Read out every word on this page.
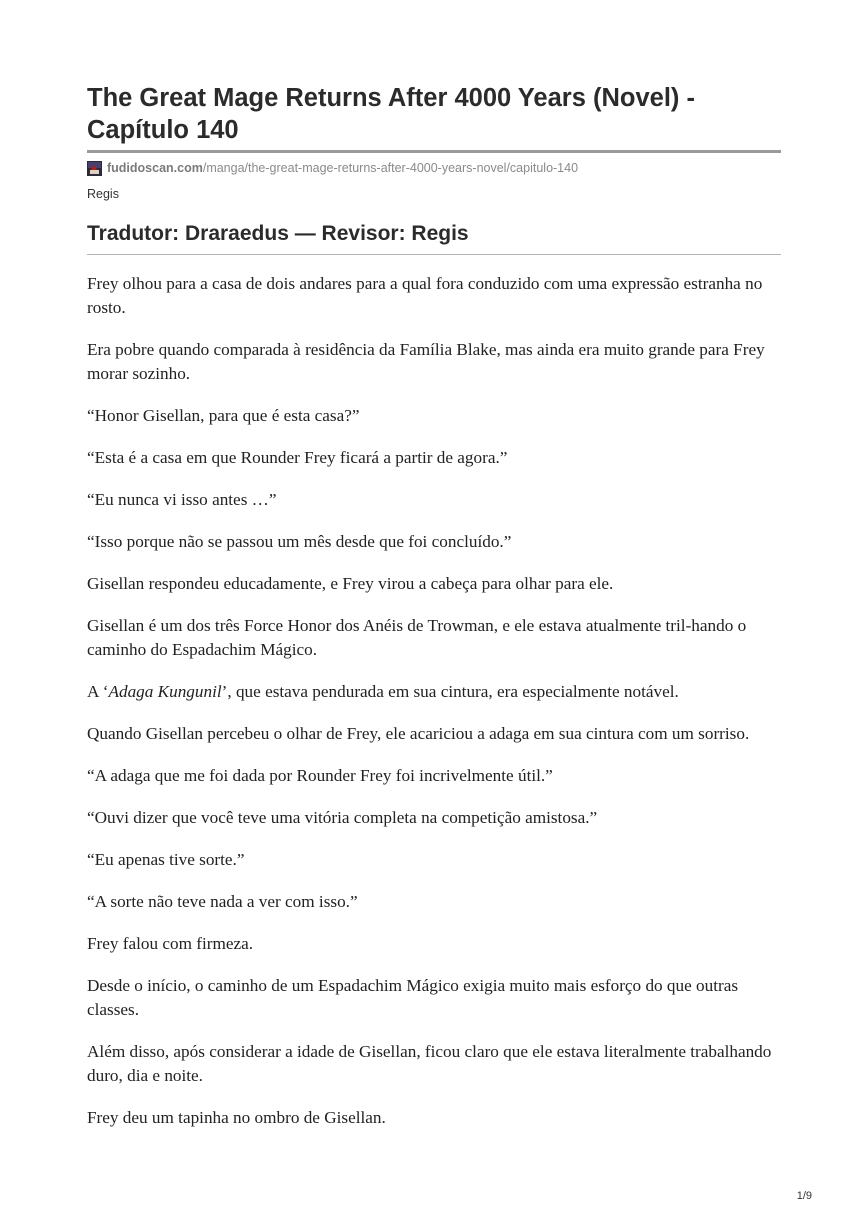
The Great Mage Returns After 4000 Years (Novel) - Capítulo 140
fudidoscan.com /manga/the-great-mage-returns-after-4000-years-novel/capitulo-140
Regis
Tradutor: Draraedus — Revisor: Regis

Frey olhou para a casa de dois andares para a qual fora conduzido com uma expressão estranha no rosto.

Era pobre quando comparada à residência da Família Blake, mas ainda era muito grande para Frey morar sozinho.

“Honor Gisellan, para que é esta casa?”

“Esta é a casa em que Rounder Frey ficará a partir de agora.”

“Eu nunca vi isso antes …”

“Isso porque não se passou um mês desde que foi concluído.”

Gisellan respondeu educadamente, e Frey virou a cabeça para olhar para ele.

Gisellan é um dos três Force Honor dos Anéis de Trowman, e ele estava atualmente tril-hando o caminho do Espadachim Mágico.

A ‘Adaga Kungunil’, que estava pendurada em sua cintura, era especialmente notável.

Quando Gisellan percebeu o olhar de Frey, ele acariciou a adaga em sua cintura com um sorriso.

“A adaga que me foi dada por Rounder Frey foi incrivelmente útil.”

“Ouvi dizer que você teve uma vitória completa na competição amistosa.”

“Eu apenas tive sorte.”

“A sorte não teve nada a ver com isso.”

Frey falou com firmeza.

Desde o início, o caminho de um Espadachim Mágico exigia muito mais esforço do que outras classes.

Além disso, após considerar a idade de Gisellan, ficou claro que ele estava literalmente trabalhando duro, dia e noite.

Frey deu um tapinha no ombro de Gisellan.

1/9
